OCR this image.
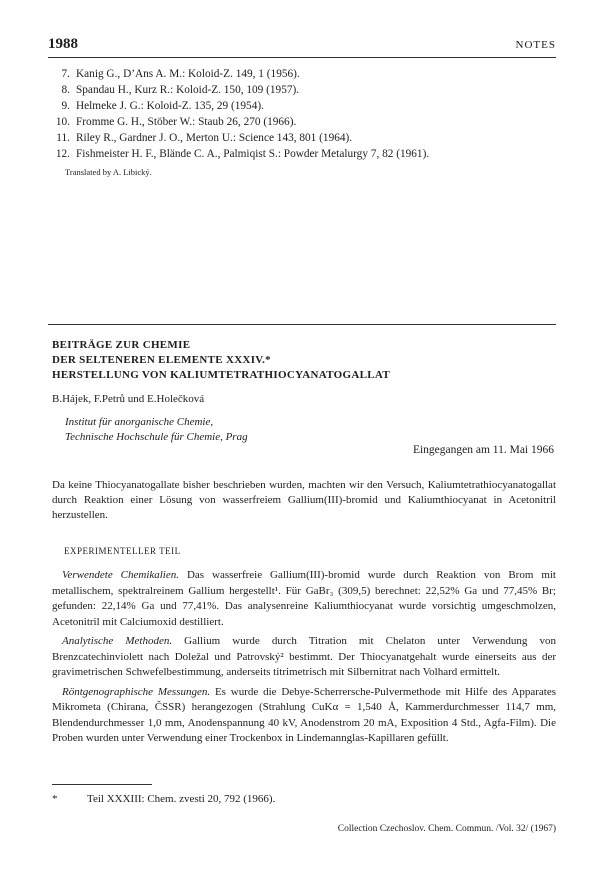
1988	NOTES
7. Kanig G., D’Ans A. M.: Koloid-Z. 149, 1 (1956).
8. Spandau H., Kurz R.: Koloid-Z. 150, 109 (1957).
9. Helmeke J. G.: Koloid-Z. 135, 29 (1954).
10. Fromme G. H., Stöber W.: Staub 26, 270 (1966).
11. Riley R., Gardner J. O., Merton U.: Science 143, 801 (1964).
12. Fishmeister H. F., Blände C. A., Palmiqist S.: Powder Metalurgy 7, 82 (1961).
Translated by A. Libický.
BEITRÄGE ZUR CHEMIE
DER SELTENEREN ELEMENTE XXXIV.*
HERSTELLUNG VON KALIUMTETRATHIOCYANATOGALLAT
B.Hájek, F.Petrů und E.Holečková
Institut für anorganische Chemie,
Technische Hochschule für Chemie, Prag
Eingegangen am 11. Mai 1966

Da keine Thiocyanatogallate bisher beschrieben wurden, machten wir den Versuch, Kaliumtetrathiocyanatogallat durch Reaktion einer Lösung von wasserfreiem Gallium(III)-bromid und Kaliumthiocyanat in Acetonitril herzustellen.

EXPERIMENTELLER TEIL

Verwendete Chemikalien. Das wasserfreie Gallium(III)-bromid wurde durch Reaktion von Brom mit metallischem, spektralreinem Gallium hergestellt¹. Für GaBr₃ (309,5) berechnet: 22,52% Ga und 77,45% Br; gefunden: 22,14% Ga und 77,41%. Das analysenreine Kaliumthiocyanat wurde vorsichtig umgeschmolzen, Acetonitril mit Calciumoxid destilliert.

Analytische Methoden. Gallium wurde durch Titration mit Chelaton unter Verwendung von Brenzcatechinviolett nach Doležal und Patrovský² bestimmt. Der Thiocyanatgehalt wurde einerseits aus der gravimetrischen Schwefelbestimmung, anderseits titrimetrisch mit Silbernitrat nach Volhard ermittelt.

Röntgenographische Messungen. Es wurde die Debye-Scherrersche-Pulvermethode mit Hilfe des Apparates Mikrometa (Chirana, ČSSR) herangezogen (Strahlung CuKα = 1,540 Å, Kammerdurchmesser 114,7 mm, Blendendurchmesser 1,0 mm, Anodenspannung 40 kV, Anodenstrom 20 mA, Exposition 4 Std., Agfa-Film). Die Proben wurden unter Verwendung einer Trockenbox in Lindemannglas-Kapillaren gefüllt.

*	Teil XXXIII: Chem. zvesti 20, 792 (1966).
Collection Czechoslov. Chem. Commun. /Vol. 32/ (1967)
